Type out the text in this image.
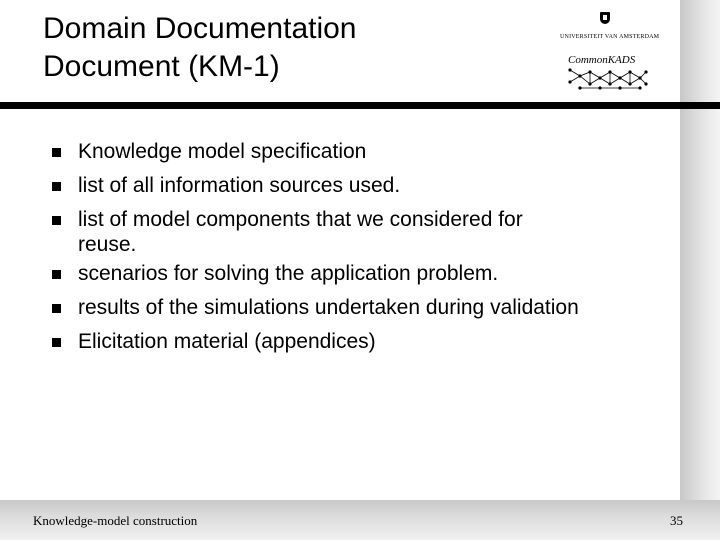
Domain Documentation
Document (KM-1)
UNIVERSITEIT VAN AMSTERDAM
CommonKADS
Knowledge model specification
list of all information sources used.
list of model components that we considered for
reuse.
scenarios for solving the application problem.
results of the simulations undertaken during validation
Elicitation material (appendices)
Knowledge-model construction	35
